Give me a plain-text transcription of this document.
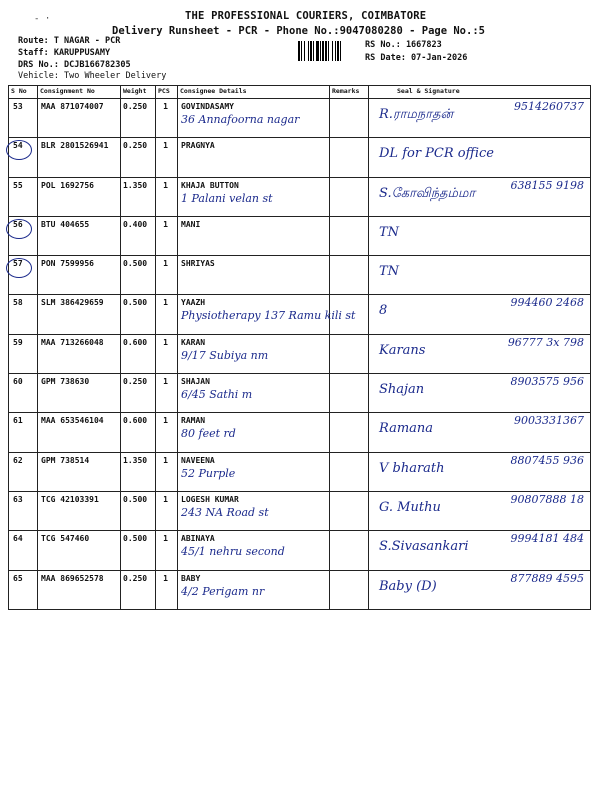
- ·	THE PROFESSIONAL COURIERS, COIMBATORE
Delivery Runsheet - PCR - Phone No.:9047080280 - Page No.:5
Route: T NAGAR - PCR
Staff: KARUPPUSAMY
DRS No.: DCJB166782305
Vehicle: Two Wheeler Delivery
RS No.: 1667823
RS Date: 07-Jan-2026
S No	Consignment No	Weight	PCS	Consignee Details	Remarks	Seal & Signature

53	MAA 871074007	0.250	1	GOVINDASAMY
36 Annafoorna nagar		R.ராமநாதன்
9514260737

54	BLR 2801526941	0.250	1	PRAGNYA		DL for PCR office

55	POL 1692756	1.350	1	KHAJA BUTTON
1 Palani velan st		S.கோவிந்தம்மா
638155 9198

56	BTU 404655	0.400	1	MANI		TN

57	PON 7599956	0.500	1	SHRIYAS		TN

58	SLM 386429659	0.500	1	YAAZH
Physiotherapy 137 Ramu kili st		8
994460 2468

59	MAA 713266048	0.600	1	KARAN
9/17 Subiya nm		Karans
96777 3x 798

60	GPM 738630	0.250	1	SHAJAN
6/45 Sathi m		Shajan
8903575 956

61	MAA 653546104	0.600	1	RAMAN
80 feet rd		Ramana
9003331367

62	GPM 738514	1.350	1	NAVEENA
52 Purple		V bharath
8807455 936

63	TCG 42103391	0.500	1	LOGESH KUMAR
243 NA Road st		G. Muthu
90807888 18

64	TCG 547460	0.500	1	ABINAYA
45/1 nehru second		S.Sivasankari
9994181 484

65	MAA 869652578	0.250	1	BABY
4/2 Perigam nr		Baby (D)
877889 4595
